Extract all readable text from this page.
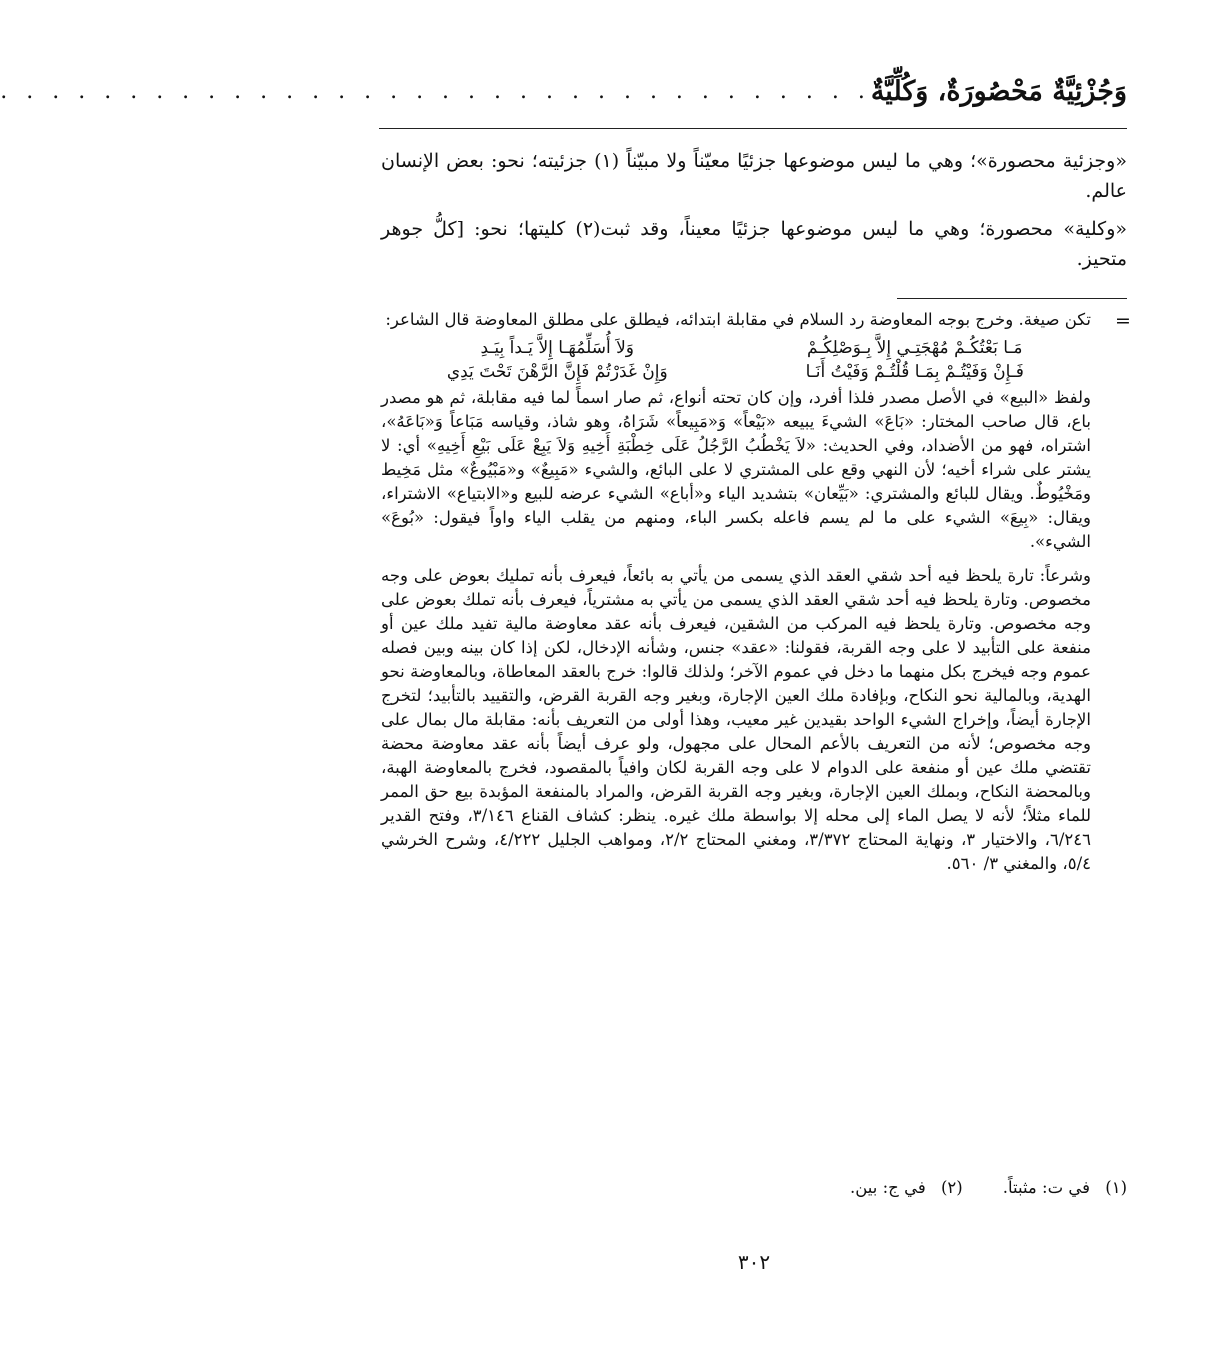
وَجُزْئِيَّةٌ مَحْصُورَةٌ، وَكُلِّيَّةٌ
. . . . . . . . . . . . . . . . . . . . . . . . . . . . . . . . . .

«وجزئية محصورة»؛ وهي ما ليس موضوعها جزئيًا معيّناً ولا مبيّناً (١) جزئيته؛ نحو: بعض الإنسان عالم.

«وكلية» محصورة؛ وهي ما ليس موضوعها جزئيًا معيناً، وقد ثبت(٢) كليتها؛ نحو: [كلُّ جوهر متحيز.

=

تكن صيغة. وخرج بوجه المعاوضة رد السلام في مقابلة ابتدائه، فيطلق على مطلق المعاوضة قال الشاعر:

مَـا بَعْتُكُـمْ مُهْجَتِـي إِلاَّ بِـوَصْلِكُـمْ
وَلاَ أُسَلِّمُهَـا إِلاَّ يَـداً بِيَـدِ
فَـإِنْ وَفَيْتُـمْ بِمَـا قُلْتُـمْ وَفَيْتُ أَنَـا
وَإِنْ غَدَرْتُمْ فَإِنَّ الرَّهْنَ تَحْتَ يَدِي

ولفظ «البيع» في الأصل مصدر فلذا أفرد، وإن كان تحته أنواع، ثم صار اسماً لما فيه مقابلة، ثم هو مصدر باع، قال صاحب المختار: «بَاعَ» الشيءَ يبيعه «بَيْعاً» وَ«مَبِيعاً» شَرَاهُ، وهو شاذ، وقياسه مَبَاعاً وَ«بَاعَهُ»، اشتراه، فهو من الأضداد، وفي الحديث: «لاَ يَخْطُبُ الرَّجُلُ عَلَى خِطْبَةِ أَخِيهِ وَلاَ يَبِعْ عَلَى بَيْعِ أَخِيهِ» أي: لا يشتر على شراء أخيه؛ لأن النهي وقع على المشتري لا على البائع، والشيء «مَبِيعٌ» و«مَبْيُوعٌ» مثل مَخِيط ومَخْيُوطٌ. ويقال للبائع والمشتري: «بَيِّعان» بتشديد الياء و«أباع» الشيء عرضه للبيع و«الابتياع» الاشتراء، ويقال: «بِيعَ» الشيء على ما لم يسم فاعله بكسر الباء، ومنهم من يقلب الياء واواً فيقول: «بُوعَ» الشيء».

وشرعاً: تارة يلحظ فيه أحد شقي العقد الذي يسمى من يأتي به بائعاً، فيعرف بأنه تمليك بعوض على وجه مخصوص. وتارة يلحظ فيه أحد شقي العقد الذي يسمى من يأتي به مشترياً، فيعرف بأنه تملك بعوض على وجه مخصوص. وتارة يلحظ فيه المركب من الشقين، فيعرف بأنه عقد معاوضة مالية تفيد ملك عين أو منفعة على التأبيد لا على وجه القربة، فقولنا: «عقد» جنس، وشأنه الإدخال، لكن إذا كان بينه وبين فصله عموم وجه فيخرج بكل منهما ما دخل في عموم الآخر؛ ولذلك قالوا: خرج بالعقد المعاطاة، وبالمعاوضة نحو الهدية، وبالمالية نحو النكاح، وبإفادة ملك العين الإجارة، وبغير وجه القربة القرض، والتقييد بالتأبيد؛ لتخرج الإجارة أيضاً، وإخراج الشيء الواحد بقيدين غير معيب، وهذا أولى من التعريف بأنه: مقابلة مال بمال على وجه مخصوص؛ لأنه من التعريف بالأعم المحال على مجهول، ولو عرف أيضاً بأنه عقد معاوضة محضة تقتضي ملك عين أو منفعة على الدوام لا على وجه القربة لكان وافياً بالمقصود، فخرج بالمعاوضة الهبة، وبالمحضة النكاح، وبملك العين الإجارة، وبغير وجه القربة القرض، والمراد بالمنفعة المؤبدة بيع حق الممر للماء مثلاً؛ لأنه لا يصل الماء إلى محله إلا بواسطة ملك غيره. ينظر: كشاف القناع ٣/١٤٦، وفتح القدير ٦/٢٤٦، والاختيار ٣، ونهاية المحتاج ٣/٣٧٢، ومغني المحتاج ٢/٢، ومواهب الجليل ٤/٢٢٢، وشرح الخرشي ٥/٤، والمغني ٣/ ٥٦٠.

(١) في ت: مثبتاً.
(٢) في ج: بين.
٣٠٢
